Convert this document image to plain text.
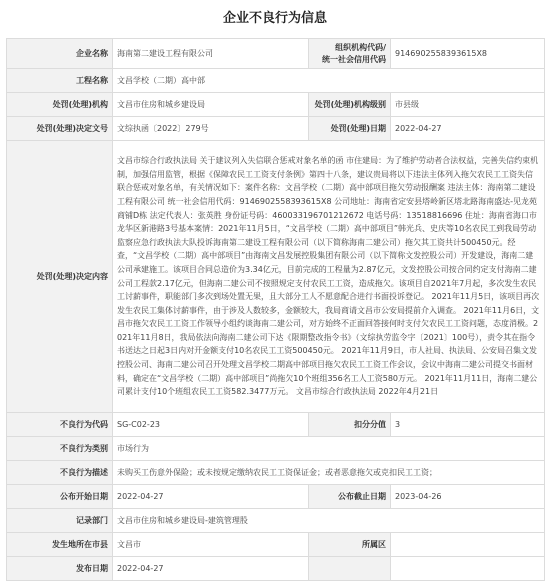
企业不良行为信息
企业名称	海南第二建设工程有限公司	组织机构代码/
统一社会信用代码	914690255839361​5X8
工程名称	文昌学校（二期）高中部		
处罚(处理)机构	文昌市住房和城乡建设局	处罚(处理)机构级别	市县级
处罚(处理)决定文号	文综执函〔2022〕279号	处罚(处理)日期	2022-04-27
处罚(处理)决定内容	文昌市综合行政执法局 关于建议列入失信联合惩戒对象名单的函 市住建局：为了维护劳动者合法权益，完善失信约束机制，加强信用监管，根据《保障农民工工资支付条例》第四十八条，建议贵局将以下违法主体列入拖欠农民工工资失信联合惩戒对象名单，有关情况如下：案件名称：文昌学校（二期）高中部项目拖欠劳动报酬案 违法主体：海南第二建设工程有限公司 统一社会信用代码：914690255839361​5X8 公司地址：海南省定安县塔岭新区塔北路海南盛达-见龙苑商铺D栋 法定代表人：张英胜 身份证号码：460033196701212672 电话号码：13518816696 住址：海南省海口市龙华区新港路3号基本案情：2021年11月5日，“文昌学校（二期）高中部项目”韩光兵、史庆等10名农民工到我局劳动监察应急行政执法大队投诉海南第二建设工程有限公司（以下简称海南二建公司）拖欠其工资共计500450元。经查，“文昌学校（二期）高中部项目”由海南文昌发展控股集团有限公司（以下简称文发控股公司）开发建设，海南二建公司承建施工。该项目合同总造价为3.34亿元，目前完成的工程量为2.87亿元，文发控股公司按合同约定支付海南二建公司工程款2.17亿元，但海南二建公司不按照规定支付农民工工资，造成拖欠。该项目自2021年7月起，多次发生农民工讨薪事件，职能部门多次到场处置无果，且大部分工人不愿意配合进行书面投诉登记。 2021年11月5日，该项目再次发生农民工集体讨薪事件，由于涉及人数较多，金额较大，我局商请文昌市公安局提前介入调查。 2021年11月6日，文昌市拖欠农民工工资工作领导小组约谈海南二建公司，对方始终不正面回答接何时支付欠农民工工资问题，态度消极。2021年11月8日，我局依法向海南二建公司下达《限期整改指令书》（文综执劳监令字〔2021〕100号），责令其在指令书送达之日起3日内对开金额支付10名农民工工资500450元。 2021年11月9日，市人社局、执法局、公安局召集文发控股公司、海南二建公司召开处理文昌学校二期高中部项目拖欠农民工工资工作会议，会议中海南二建公司提交书面材料，确定在“文昌学校（二期）高中部项目”尚拖欠10个班组356名工人工资580万元。 2021年11月11日，海南二建公司累计支付10个班组农民工工资582.3477万元。 文昌市综合行政执法局 2022年4月21日		
不良行为代码	SG-C02-23	扣分分值	3
不良行为类别	市场行为		
不良行为描述	未购买工伤意外保险；或未按规定缴纳农民工工资保证金；或者恶意拖欠或克扣民工工资；		
公布开始日期	2022-04-27	公布截止日期	2023-04-26
记录部门	文昌市住房和城乡建设局-建筑管理股		
发生地所在市县	文昌市	所属区	
发布日期	2022-04-27		
